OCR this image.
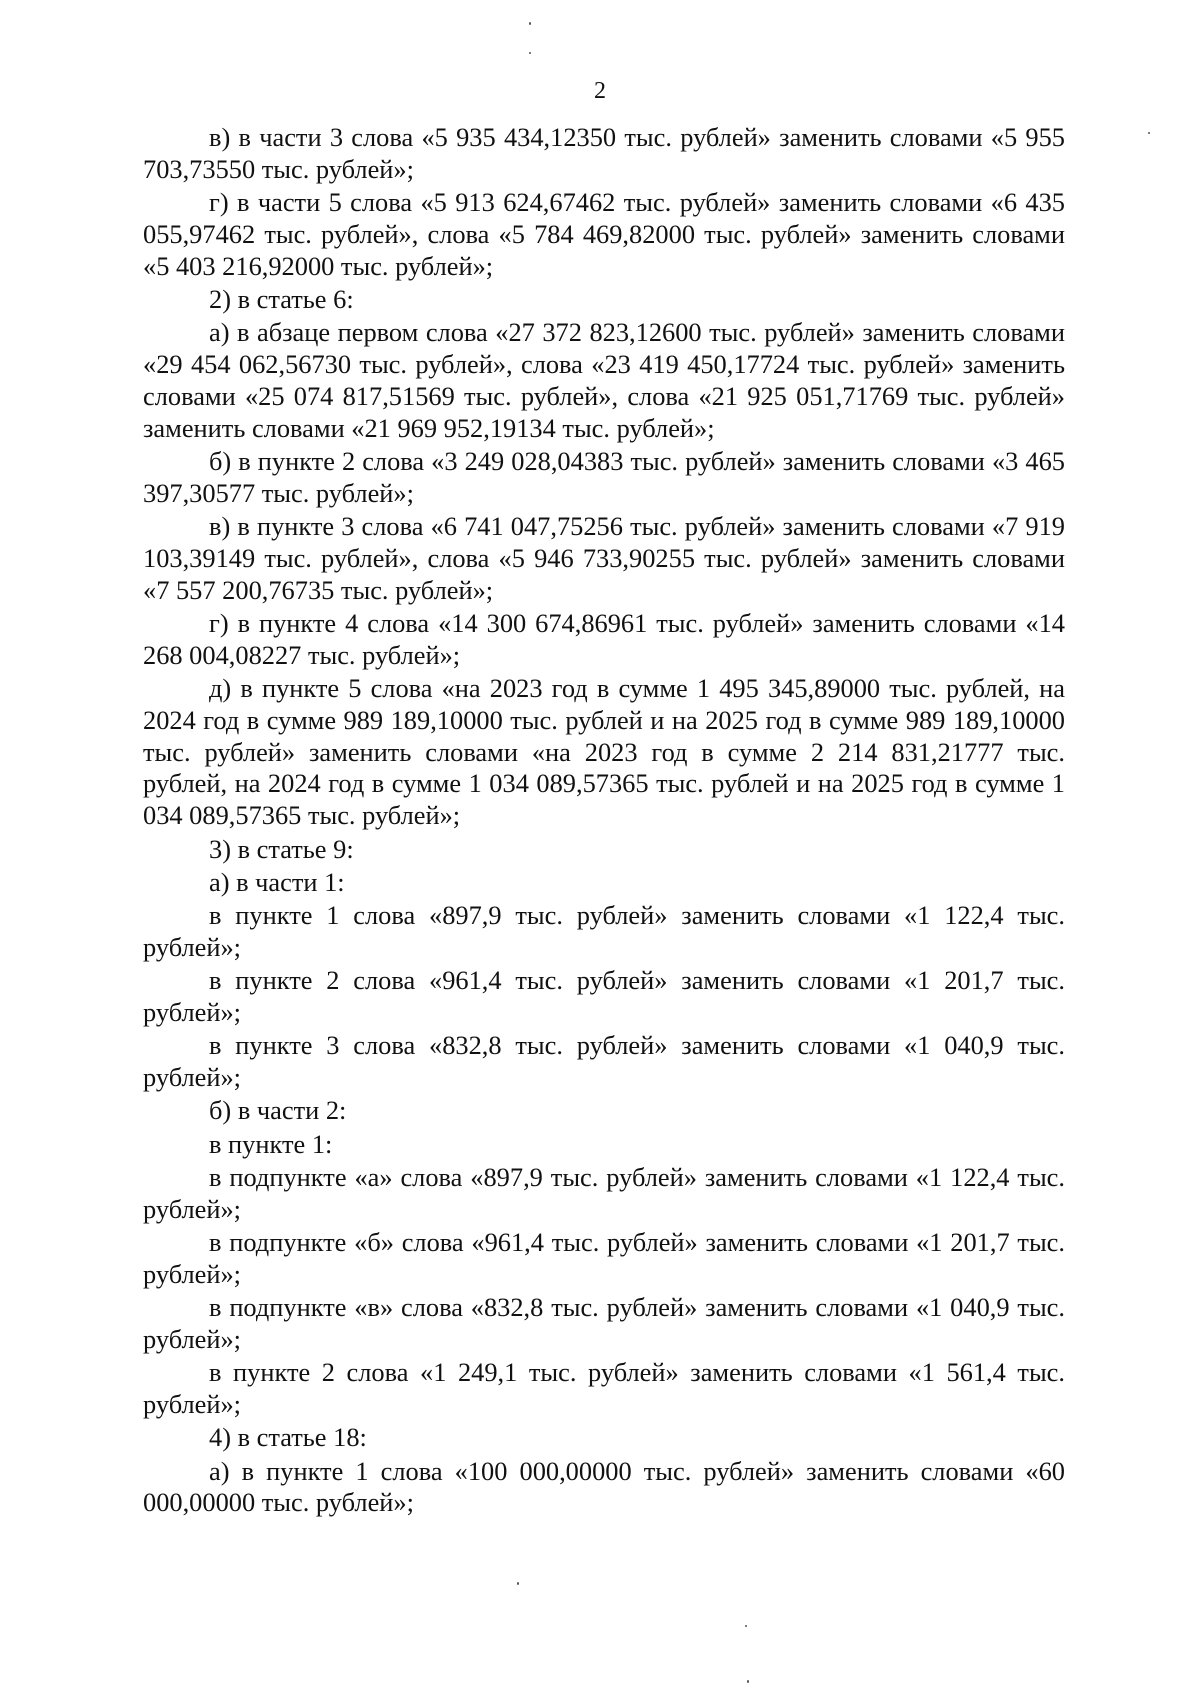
2

в) в части 3 слова «5 935 434,12350 тыс. рублей» заменить словами «5 955 703,73550 тыс. рублей»;

г) в части 5 слова «5 913 624,67462 тыс. рублей» заменить словами «6 435 055,97462 тыс. рублей», слова «5 784 469,82000 тыс. рублей» заменить словами «5 403 216,92000 тыс. рублей»;

2) в статье 6:

а) в абзаце первом слова «27 372 823,12600 тыс. рублей» заменить словами «29 454 062,56730 тыс. рублей», слова «23 419 450,17724 тыс. рублей» заменить словами «25 074 817,51569 тыс. рублей», слова «21 925 051,71769 тыс. рублей» заменить словами «21 969 952,19134 тыс. рублей»;

б) в пункте 2 слова «3 249 028,04383 тыс. рублей» заменить словами «3 465 397,30577 тыс. рублей»;

в) в пункте 3 слова «6 741 047,75256 тыс. рублей» заменить словами «7 919 103,39149 тыс. рублей», слова «5 946 733,90255 тыс. рублей» заменить словами «7 557 200,76735 тыс. рублей»;

г) в пункте 4 слова «14 300 674,86961 тыс. рублей» заменить словами «14 268 004,08227 тыс. рублей»;

д) в пункте 5 слова «на 2023 год в сумме 1 495 345,89000 тыс. рублей, на 2024 год в сумме 989 189,10000 тыс. рублей и на 2025 год в сумме 989 189,10000 тыс. рублей» заменить словами «на 2023 год в сумме 2 214 831,21777 тыс. рублей, на 2024 год в сумме 1 034 089,57365 тыс. рублей и на 2025 год в сумме 1 034 089,57365 тыс. рублей»;

3) в статье 9:

а) в части 1:

в пункте 1 слова «897,9 тыс. рублей» заменить словами «1 122,4 тыс. рублей»;

в пункте 2 слова «961,4 тыс. рублей» заменить словами «1 201,7 тыс. рублей»;

в пункте 3 слова «832,8 тыс. рублей» заменить словами «1 040,9 тыс. рублей»;

б) в части 2:

в пункте 1:

в подпункте «а» слова «897,9 тыс. рублей» заменить словами «1 122,4 тыс. рублей»;

в подпункте «б» слова «961,4 тыс. рублей» заменить словами «1 201,7 тыс. рублей»;

в подпункте «в» слова «832,8 тыс. рублей» заменить словами «1 040,9 тыс. рублей»;

в пункте 2 слова «1 249,1 тыс. рублей» заменить словами «1 561,4 тыс. рублей»;

4) в статье 18:

а) в пункте 1 слова «100 000,00000 тыс. рублей» заменить словами «60 000,00000 тыс. рублей»;
